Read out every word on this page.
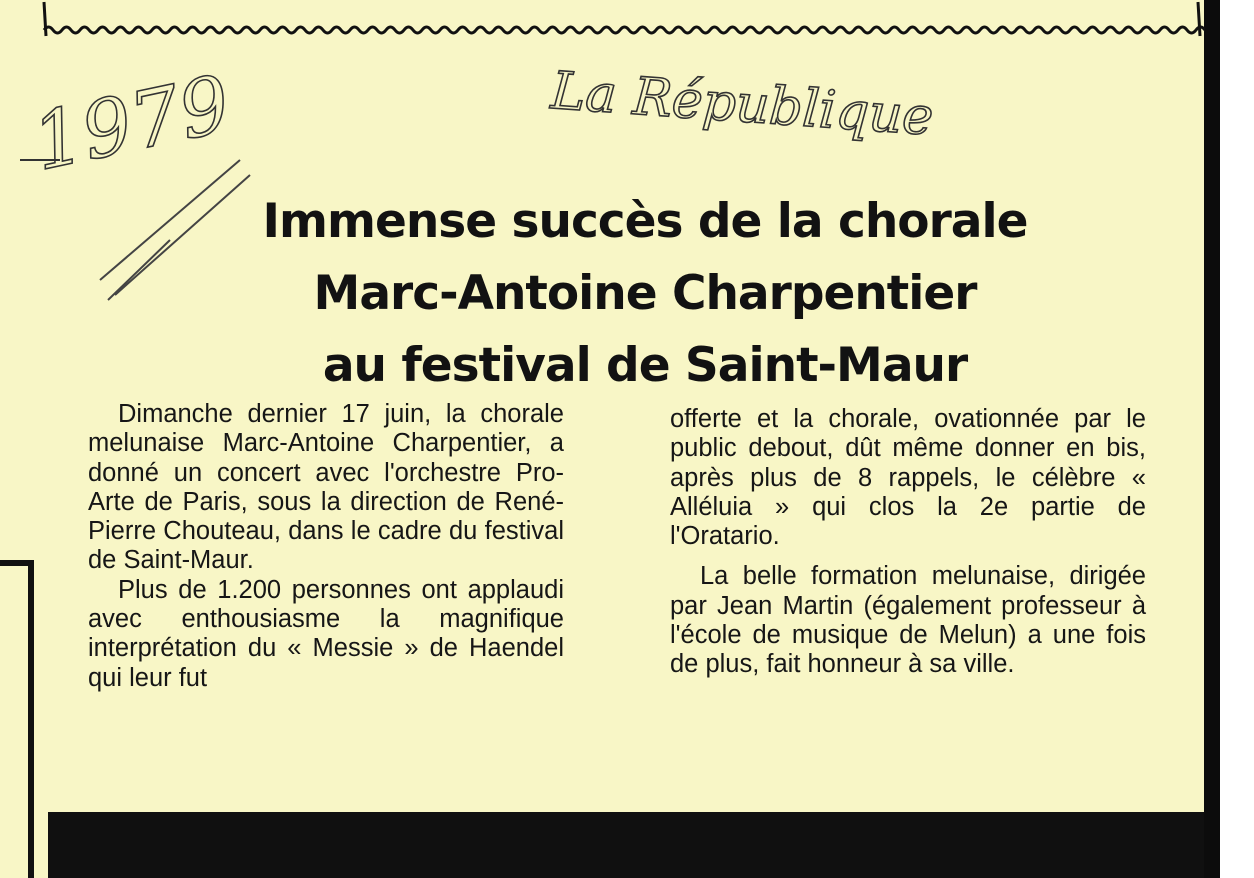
1979	La République
Immense succès de la chorale
Marc-Antoine Charpentier
au festival de Saint-Maur

Dimanche dernier 17 juin, la chorale melunaise Marc-Antoine Charpentier, a donné un concert avec l'orchestre Pro-Arte de Paris, sous la direction de René-Pierre Chouteau, dans le cadre du festival de Saint-Maur.

Plus de 1.200 personnes ont applaudi avec enthousiasme la magnifique interprétation du « Messie » de Haendel qui leur fut

offerte et la chorale, ovationnée par le public debout, dût même donner en bis, après plus de 8 rappels, le célèbre « Alléluia » qui clos la 2e partie de l'Oratario.

La belle formation melunaise, dirigée par Jean Martin (également professeur à l'école de musique de Melun) a une fois de plus, fait honneur à sa ville.
